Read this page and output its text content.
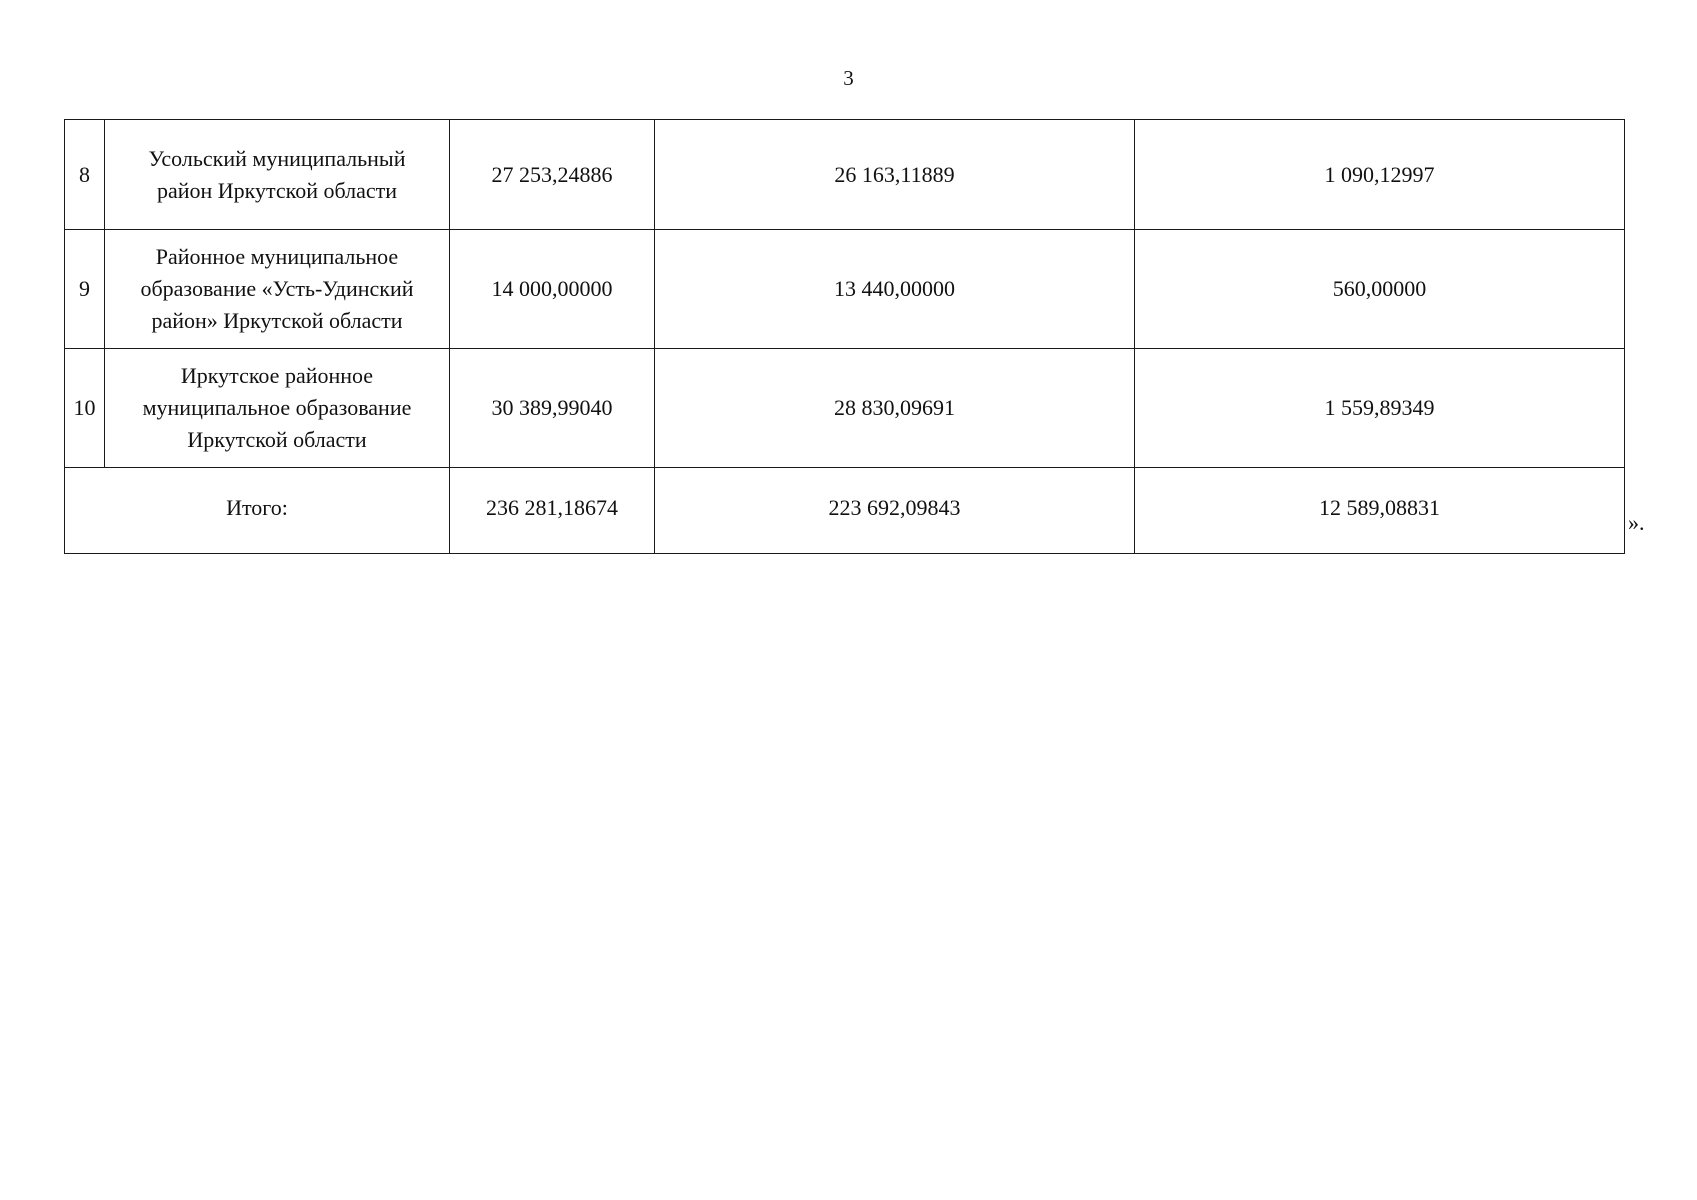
3
8	Усольский муниципальный
район Иркутской области	27 253,24886	26 163,11889	1 090,12997
9	Районное муниципальное
образование «Усть-Удинский
район» Иркутской области	14 000,00000	13 440,00000	560,00000
10	Иркутское районное
муниципальное образование
Иркутской области	30 389,99040	28 830,09691	1 559,89349
Итого:		236 281,18674	223 692,09843	12 589,08831
».
